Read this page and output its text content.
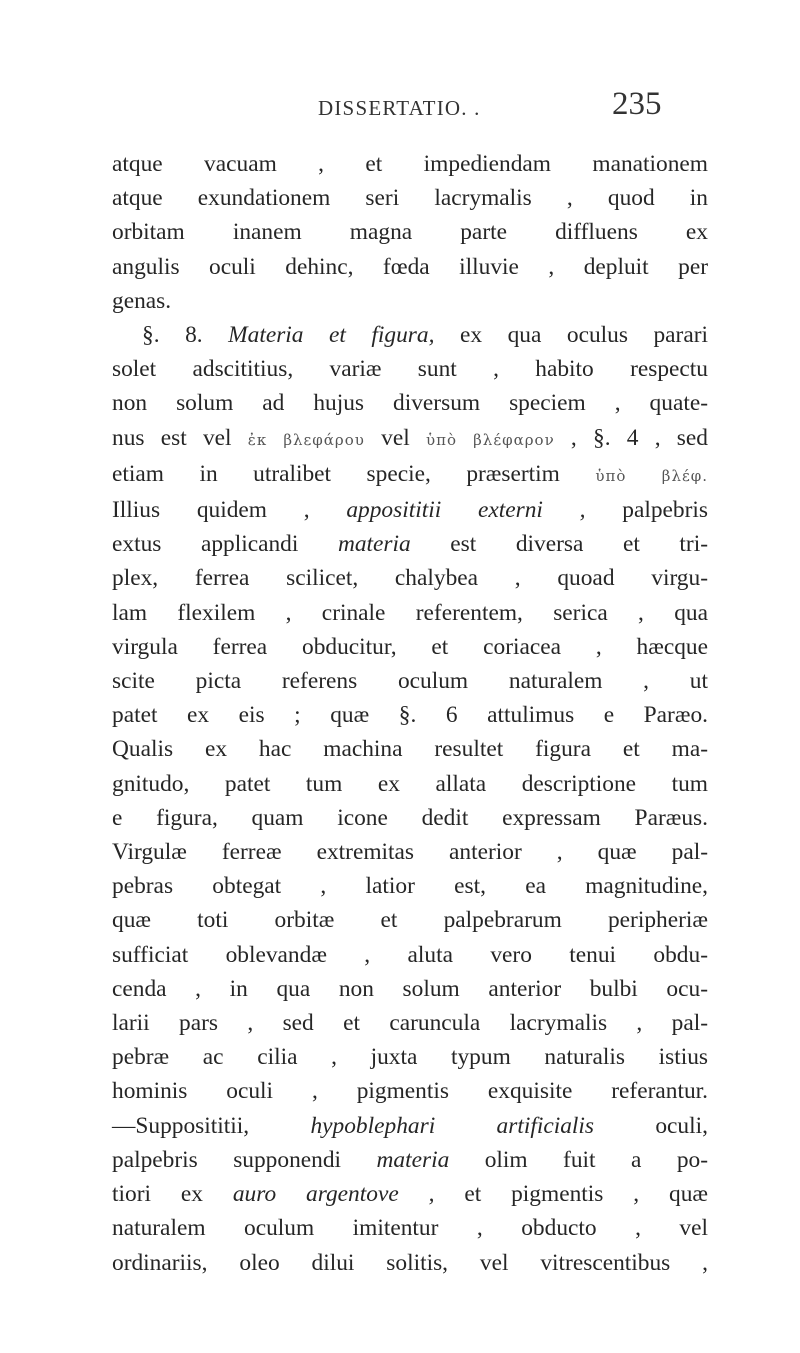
DISSERTATIO. .	235
atque vacuam , et impediendam manationem
atque exundationem seri lacrymalis , quod in
orbitam inanem magna parte diffluens ex
angulis oculi dehinc, fœda illuvie , depluit per
genas.
§. 8. Materia et figura, ex qua oculus parari
solet adscititius, variæ sunt , habito respectu
non solum ad hujus diversum speciem , quate-
nus est vel ἐκ βλεφάρου vel ὑπὸ βλέφαρον , §. 4 , sed
etiam in utralibet specie, præsertim ὑπὸ βλέφ.
Illius quidem , apposititii externi , palpebris
extus applicandi materia est diversa et tri-
plex, ferrea scilicet, chalybea , quoad virgu-
lam flexilem , crinale referentem, serica , qua
virgula ferrea obducitur, et coriacea , hæcque
scite picta referens oculum naturalem , ut
patet ex eis ; quæ §. 6 attulimus e Paræo.
Qualis ex hac machina resultet figura et ma-
gnitudo, patet tum ex allata descriptione tum
e figura, quam icone dedit expressam Paræus.
Virgulæ ferreæ extremitas anterior , quæ pal-
pebras obtegat , latior est, ea magnitudine,
quæ toti orbitæ et palpebrarum peripheriæ
sufficiat oblevandæ , aluta vero tenui obdu-
cenda , in qua non solum anterior bulbi ocu-
larii pars , sed et caruncula lacrymalis , pal-
pebræ ac cilia , juxta typum naturalis istius
hominis oculi , pigmentis exquisite referantur.
—Supposititii, hypoblephari artificialis oculi,
palpebris supponendi materia olim fuit a po-
tiori ex auro argentove , et pigmentis , quæ
naturalem oculum imitentur , obducto , vel
ordinariis, oleo dilui solitis, vel vitrescentibus ,
